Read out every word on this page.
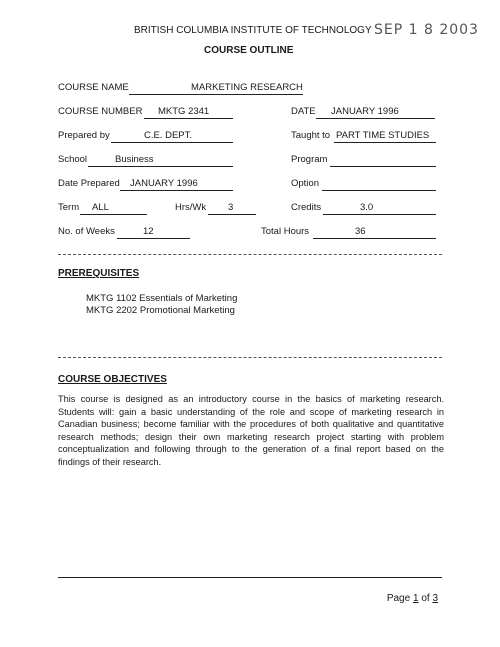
BRITISH COLUMBIA INSTITUTE OF TECHNOLOGY SEP 1 8 2003
COURSE OUTLINE
COURSE NAME	MARKETING RESEARCH
COURSE NUMBER MKTG 2341	DATE JANUARY 1996
Prepared by	C.E. DEPT.	Taught to PART TIME STUDIES
School	Business	Program
Date Prepared JANUARY 1996	Option
Term ALL	Hrs/Wk 3	Credits	3.0
No. of Weeks	12	Total Hours	36
PREREQUISITES
MKTG 1102 Essentials of Marketing
MKTG 2202 Promotional Marketing
COURSE OBJECTIVES
This course is designed as an introductory course in the basics of marketing research. Students will: gain a basic understanding of the role and scope of marketing research in Canadian business; become familiar with the procedures of both qualitative and quantitative research methods; design their own marketing research project starting with problem conceptualization and following through to the generation of a final report based on the findings of their research.
Page 1 of 3
